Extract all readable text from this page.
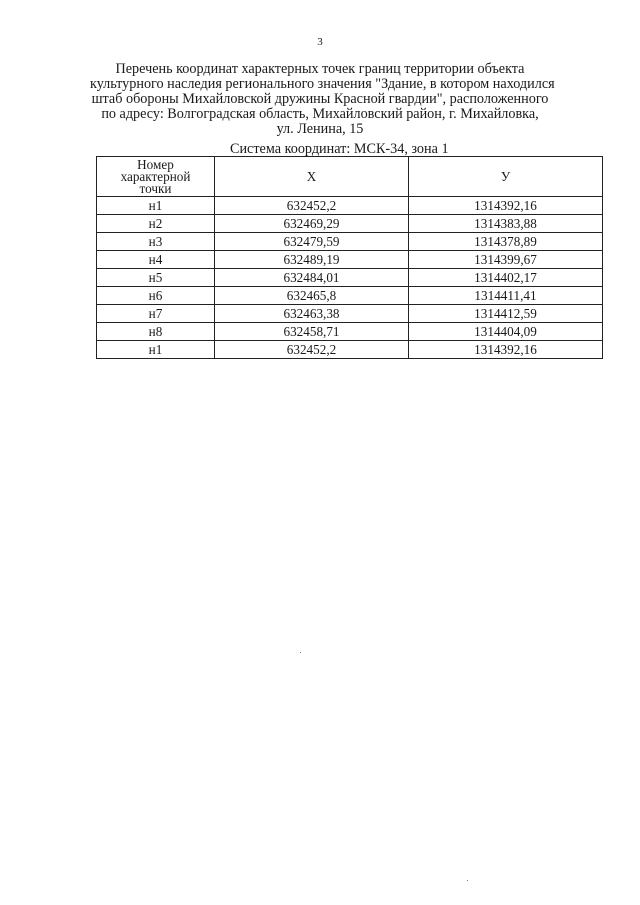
3
Перечень координат характерных точек границ территории объекта
культурного наследия регионального значения "Здание, в котором находился
штаб обороны Михайловской дружины Красной гвардии", расположенного
по адресу: Волгоградская область, Михайловский район, г. Михайловка,
ул. Ленина, 15
Система координат: МСК-34, зона 1
Номер
характерной
точки	X	У
н1	632452,2	1314392,16
н2	632469,29	1314383,88
н3	632479,59	1314378,89
н4	632489,19	1314399,67
н5	632484,01	1314402,17
н6	632465,8	1314411,41
н7	632463,38	1314412,59
н8	632458,71	1314404,09
н1	632452,2	1314392,16
